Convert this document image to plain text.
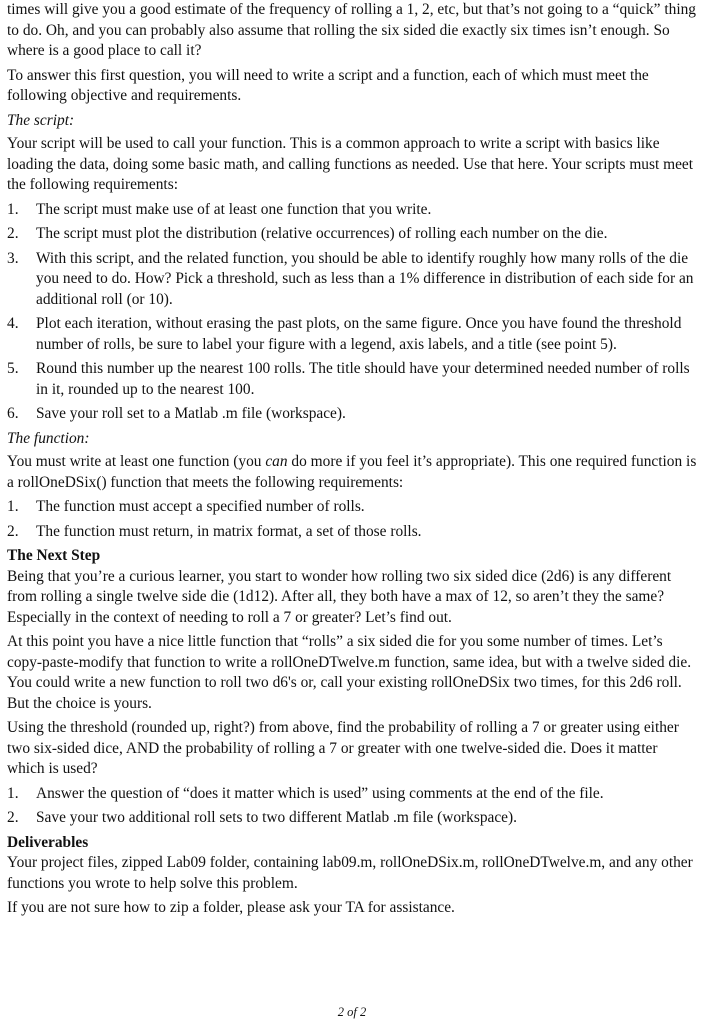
times will give you a good estimate of the frequency of rolling a 1, 2, etc, but that’s not going to a “quick” thing to do. Oh, and you can probably also assume that rolling the six sided die exactly six times isn’t enough. So where is a good place to call it?

To answer this first question, you will need to write a script and a function, each of which must meet the following objective and requirements.

The script:

Your script will be used to call your function. This is a common approach to write a script with basics like loading the data, doing some basic math, and calling functions as needed. Use that here. Your scripts must meet the following requirements:

1. The script must make use of at least one function that you write.
2. The script must plot the distribution (relative occurrences) of rolling each number on the die.
3. With this script, and the related function, you should be able to identify roughly how many rolls of the die you need to do. How? Pick a threshold, such as less than a 1% difference in distribution of each side for an additional roll (or 10).
4. Plot each iteration, without erasing the past plots, on the same figure. Once you have found the threshold number of rolls, be sure to label your figure with a legend, axis labels, and a title (see point 5).
5. Round this number up the nearest 100 rolls. The title should have your determined needed number of rolls in it, rounded up to the nearest 100.
6. Save your roll set to a Matlab .m file (workspace).

The function:

You must write at least one function (you can do more if you feel it’s appropriate). This one required function is a rollOneDSix() function that meets the following requirements:

1. The function must accept a specified number of rolls.
2. The function must return, in matrix format, a set of those rolls.

The Next Step

Being that you’re a curious learner, you start to wonder how rolling two six sided dice (2d6) is any different from rolling a single twelve side die (1d12). After all, they both have a max of 12, so aren’t they the same? Especially in the context of needing to roll a 7 or greater? Let’s find out.

At this point you have a nice little function that “rolls” a six sided die for you some number of times. Let’s copy-paste-modify that function to write a rollOneDTwelve.m function, same idea, but with a twelve sided die. You could write a new function to roll two d6's or, call your existing rollOneDSix two times, for this 2d6 roll. But the choice is yours.

Using the threshold (rounded up, right?) from above, find the probability of rolling a 7 or greater using either two six-sided dice, AND the probability of rolling a 7 or greater with one twelve-sided die. Does it matter which is used?

1. Answer the question of “does it matter which is used” using comments at the end of the file.
2. Save your two additional roll sets to two different Matlab .m file (workspace).

Deliverables

Your project files, zipped Lab09 folder, containing lab09.m, rollOneDSix.m, rollOneDTwelve.m, and any other functions you wrote to help solve this problem.

If you are not sure how to zip a folder, please ask your TA for assistance.

2 of 2
